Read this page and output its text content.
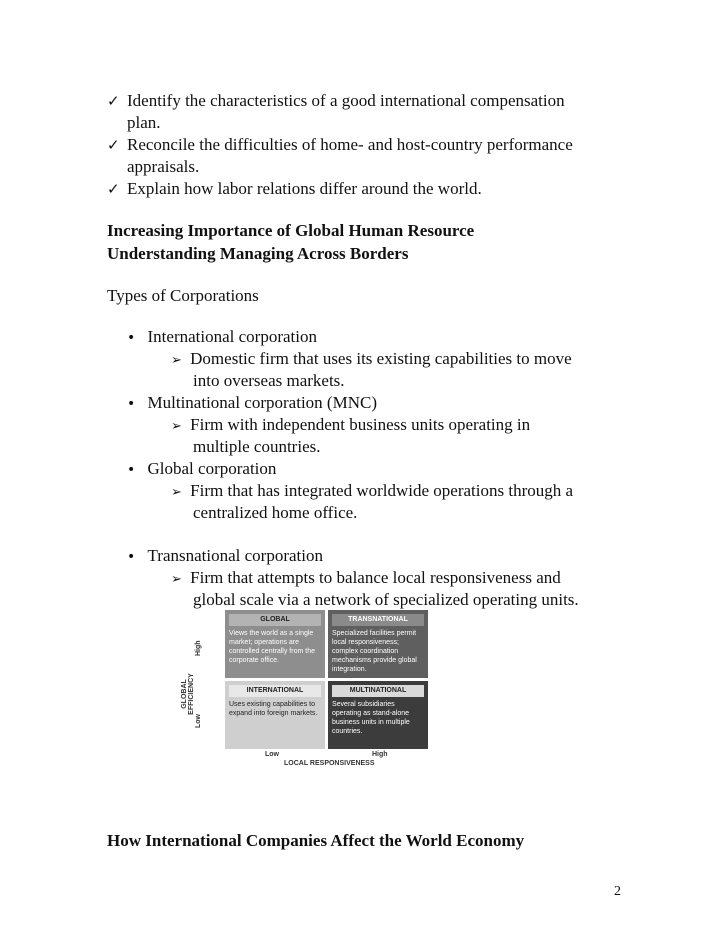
✓ Identify the characteristics of a good international compensation
plan.
✓ Reconcile the difficulties of home- and host-country performance
appraisals.
✓ Explain how labor relations differ around the world.
Increasing Importance of Global Human Resource
Understanding Managing Across Borders
Types of Corporations
• International corporation
➢ Domestic firm that uses its existing capabilities to move
into overseas markets.
• Multinational corporation (MNC)
➢ Firm with independent business units operating in
multiple countries.
• Global corporation
➢ Firm that has integrated worldwide operations through a
centralized home office.
• Transnational corporation
➢ Firm that attempts to balance local responsiveness and
global scale via a network of specialized operating units.
High
GLOBAL EFFICIENCY
Low
GLOBAL
Views the world as a single
market; operations are
controlled centrally from the
corporate office.
TRANSNATIONAL
Specialized facilities permit
local responsiveness;
complex coordination
mechanisms provide global
integration.
INTERNATIONAL
Uses existing capabilities to
expand into foreign markets.
MULTINATIONAL
Several subsidiaries
operating as stand-alone
business units in multiple
countries.
Low	High
LOCAL RESPONSIVENESS
How International Companies Affect the World Economy
2
